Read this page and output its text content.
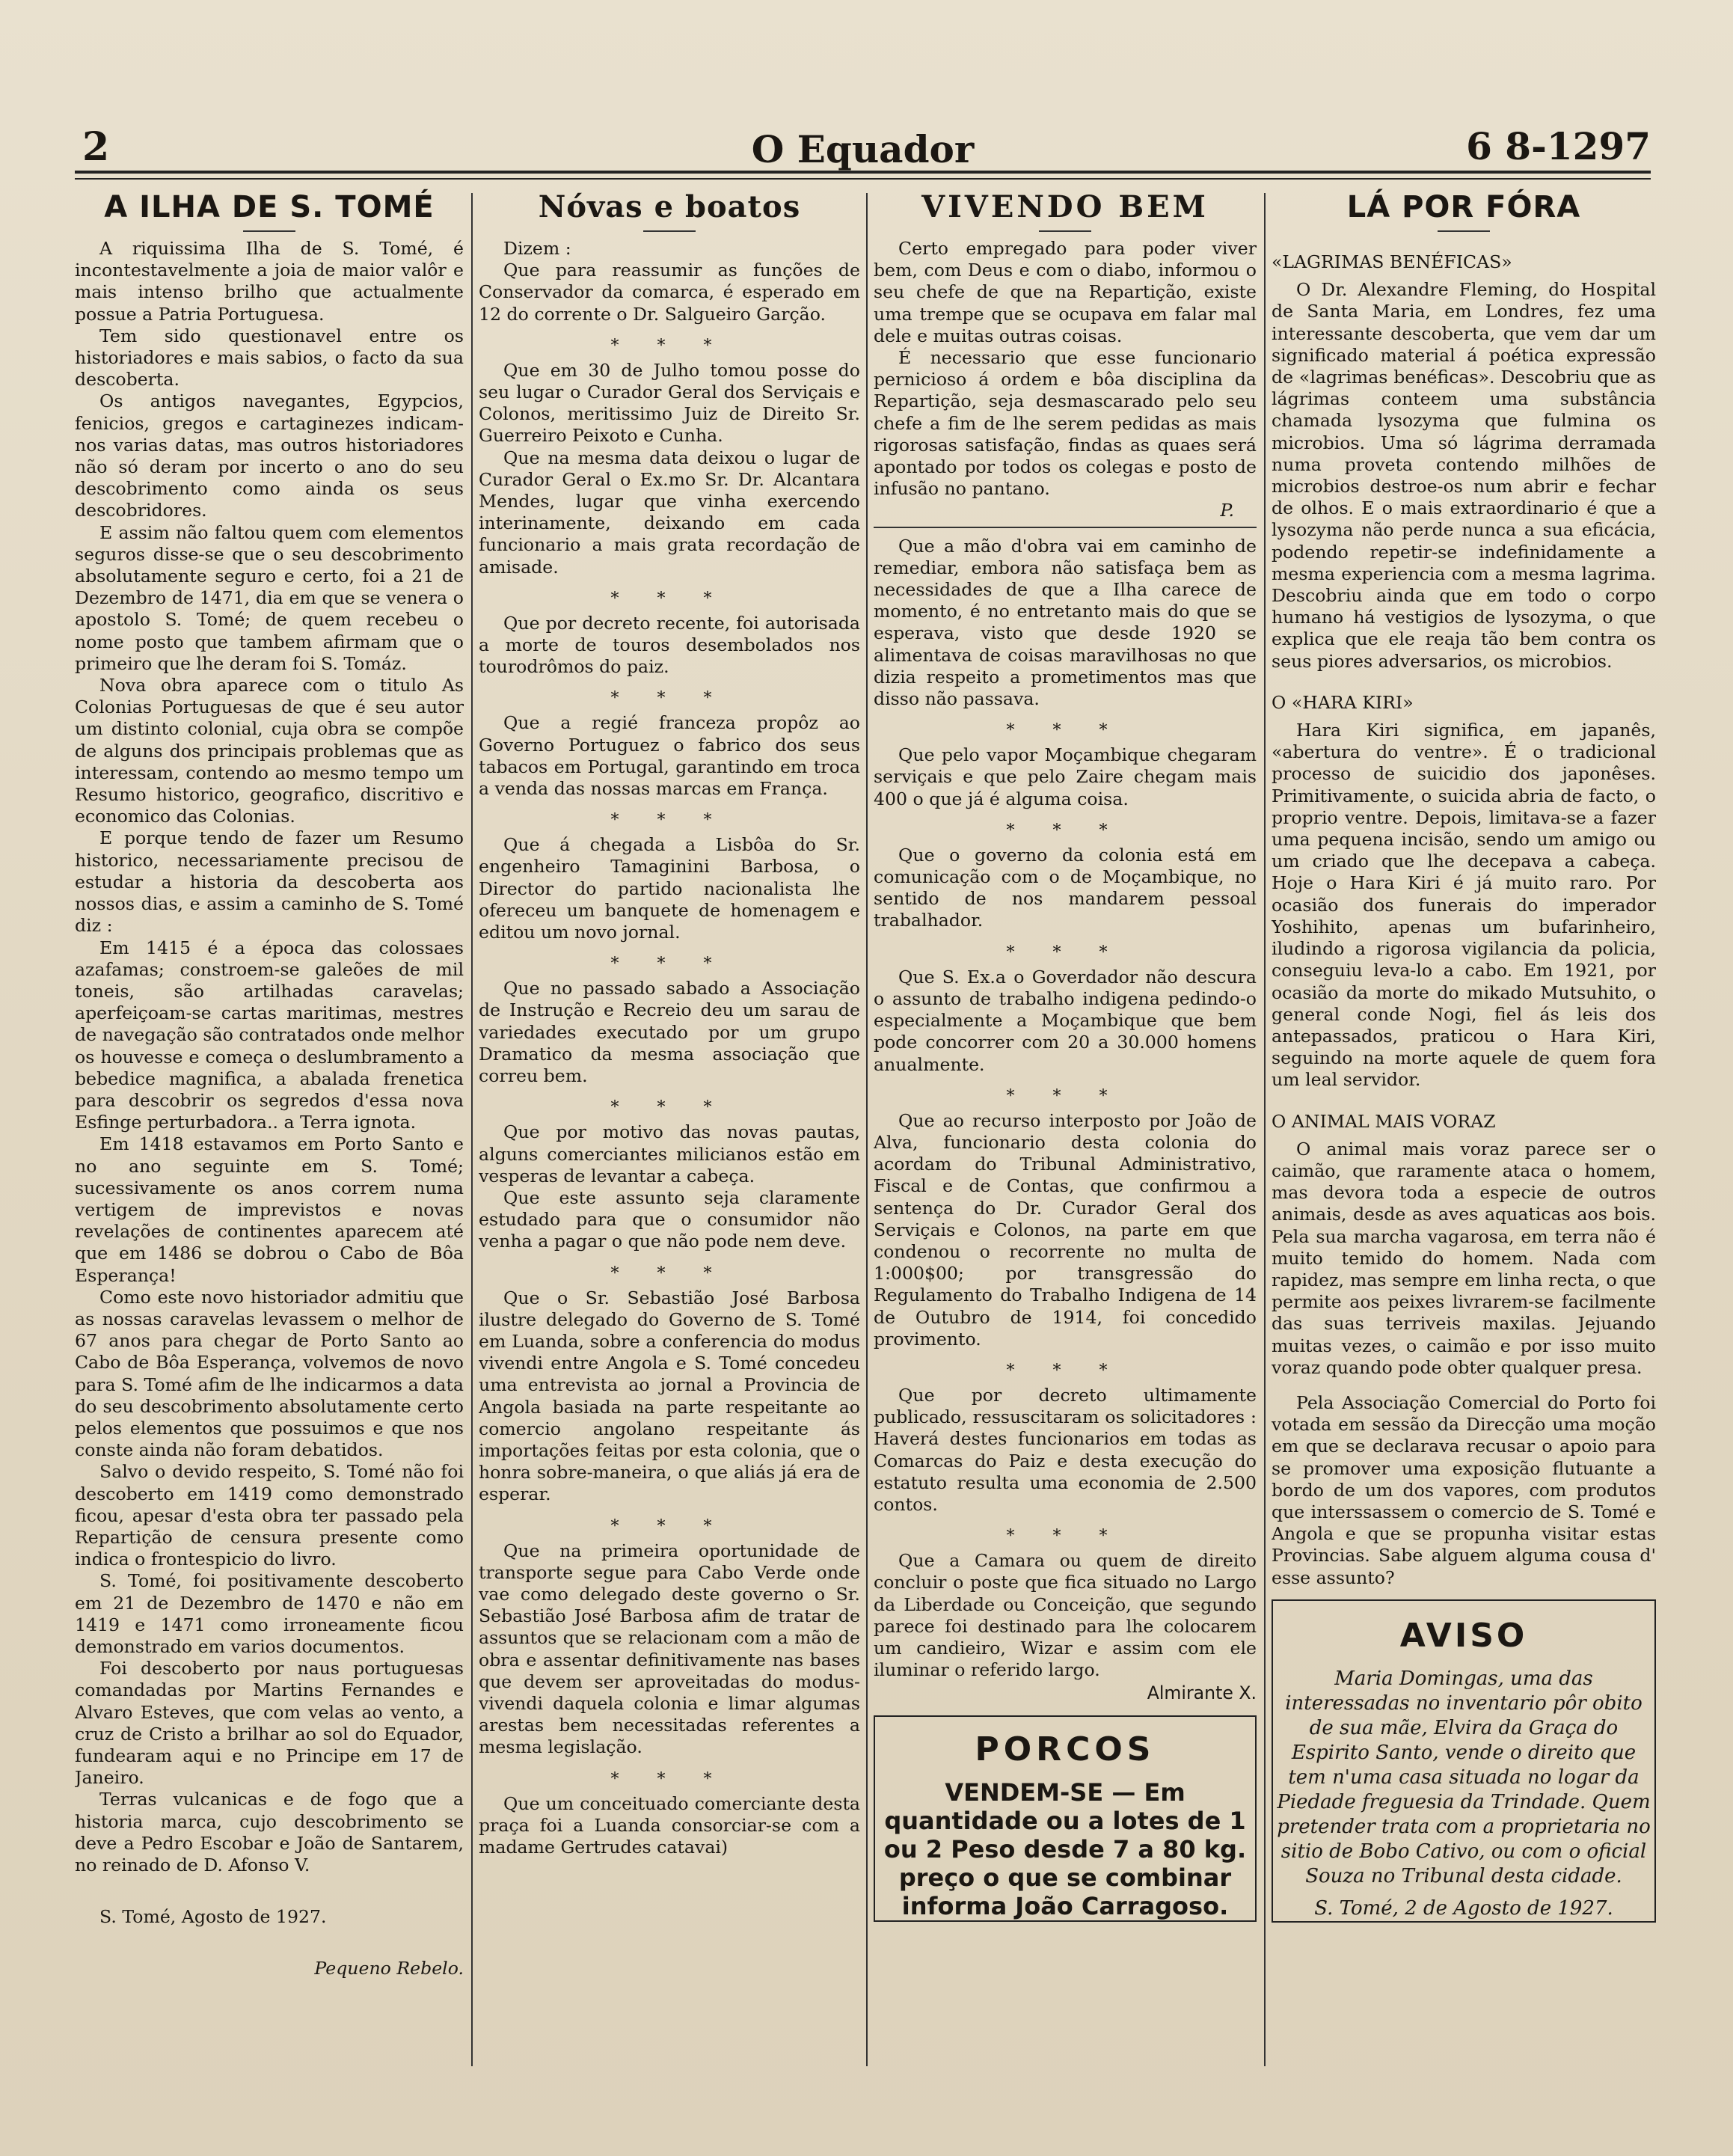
2	O Equador	6 8-1297
A ILHA DE S. TOMÉ

A riquissima Ilha de S. Tomé, é incontestavelmente a joia de maior valôr e mais intenso brilho que actualmente possue a Patria Portuguesa.

Tem sido questionavel entre os historiadores e mais sabios, o facto da sua descoberta.

Os antigos navegantes, Egypcios, fenicios, gregos e cartaginezes indicam-nos varias datas, mas outros historiadores não só deram por incerto o ano do seu descobrimento como ainda os seus descobridores.

E assim não faltou quem com elementos seguros disse-se que o seu descobrimento absolutamente seguro e certo, foi a 21 de Dezembro de 1471, dia em que se venera o apostolo S. Tomé; de quem recebeu o nome posto que tambem afirmam que o primeiro que lhe deram foi S. Tomáz.

Nova obra aparece com o titulo As Colonias Portuguesas de que é seu autor um distinto colonial, cuja obra se compõe de alguns dos principais problemas que as interessam, contendo ao mesmo tempo um Resumo historico, geografico, discritivo e economico das Colonias.

E porque tendo de fazer um Resumo historico, necessariamente precisou de estudar a historia da descoberta aos nossos dias, e assim a caminho de S. Tomé diz :

Em 1415 é a época das colossaes azafamas; constroem-se galeões de mil toneis, são artilhadas caravelas; aperfeiçoam-se cartas maritimas, mestres de navegação são contratados onde melhor os houvesse e começa o deslumbramento a bebedice magnifica, a abalada frenetica para descobrir os segredos d'essa nova Esfinge perturbadora.. a Terra ignota.

Em 1418 estavamos em Porto Santo e no ano seguinte em S. Tomé; sucessivamente os anos correm numa vertigem de imprevistos e novas revelações de continentes aparecem até que em 1486 se dobrou o Cabo de Bôa Esperança!

Como este novo historiador admitiu que as nossas caravelas levassem o melhor de 67 anos para chegar de Porto Santo ao Cabo de Bôa Esperança, volvemos de novo para S. Tomé afim de lhe indicarmos a data do seu descobrimento absolutamente certo pelos elementos que possuimos e que nos conste ainda não foram debatidos.

Salvo o devido respeito, S. Tomé não foi descoberto em 1419 como demonstrado ficou, apesar d'esta obra ter passado pela Repartição de censura presente como indica o frontespicio do livro.

S. Tomé, foi positivamente descoberto em 21 de Dezembro de 1470 e não em 1419 e 1471 como irroneamente ficou demonstrado em varios documentos.

Foi descoberto por naus portuguesas comandadas por Martins Fernandes e Alvaro Esteves, que com velas ao vento, a cruz de Cristo a brilhar ao sol do Equador, fundearam aqui e no Principe em 17 de Janeiro.

Terras vulcanicas e de fogo que a historia marca, cujo descobrimento se deve a Pedro Escobar e João de Santarem, no reinado de D. Afonso V.

S. Tomé, Agosto de 1927.

Pequeno Rebelo.
Nóvas e boatos

Dizem :

Que para reassumir as funções de Conservador da comarca, é esperado em 12 do corrente o Dr. Salgueiro Garção.

* * *

Que em 30 de Julho tomou posse do seu lugar o Curador Geral dos Serviçais e Colonos, meritissimo Juiz de Direito Sr. Guerreiro Peixoto e Cunha.

Que na mesma data deixou o lugar de Curador Geral o Ex.mo Sr. Dr. Alcantara Mendes, lugar que vinha exercendo interinamente, deixando em cada funcionario a mais grata recordação de amisade.

* * *

Que por decreto recente, foi autorisada a morte de touros desembolados nos tourodrômos do paiz.

* * *

Que a regié franceza propôz ao Governo Portuguez o fabrico dos seus tabacos em Portugal, garantindo em troca a venda das nossas marcas em França.

* * *

Que á chegada a Lisbôa do Sr. engenheiro Tamaginini Barbosa, o Director do partido nacionalista lhe ofereceu um banquete de homenagem e editou um novo jornal.

* * *

Que no passado sabado a Associação de Instrução e Recreio deu um sarau de variedades executado por um grupo Dramatico da mesma associação que correu bem.

* * *

Que por motivo das novas pautas, alguns comerciantes milicianos estão em vesperas de levantar a cabeça.

Que este assunto seja claramente estudado para que o consumidor não venha a pagar o que não pode nem deve.

* * *

Que o Sr. Sebastião José Barbosa ilustre delegado do Governo de S. Tomé em Luanda, sobre a conferencia do modus vivendi entre Angola e S. Tomé concedeu uma entrevista ao jornal a Provincia de Angola basiada na parte respeitante ao comercio angolano respeitante ás importações feitas por esta colonia, que o honra sobre-maneira, o que aliás já era de esperar.

* * *

Que na primeira oportunidade de transporte segue para Cabo Verde onde vae como delegado deste governo o Sr. Sebastião José Barbosa afim de tratar de assuntos que se relacionam com a mão de obra e assentar definitivamente nas bases que devem ser aproveitadas do modus-vivendi daquela colonia e limar algumas arestas bem necessitadas referentes a mesma legislação.

* * *

Que um conceituado comerciante desta praça foi a Luanda consorciar-se com a madame Gertrudes catavai)

VIVENDO BEM

Certo empregado para poder viver bem, com Deus e com o diabo, informou o seu chefe de que na Repartição, existe uma trempe que se ocupava em falar mal dele e muitas outras coisas.

É necessario que esse funcionario pernicioso á ordem e bôa disciplina da Repartição, seja desmascarado pelo seu chefe a fim de lhe serem pedidas as mais rigorosas satisfação, findas as quaes será apontado por todos os colegas e posto de infusão no pantano.

P.

Que a mão d'obra vai em caminho de remediar, embora não satisfaça bem as necessidades de que a Ilha carece de momento, é no entretanto mais do que se esperava, visto que desde 1920 se alimentava de coisas maravilhosas no que dizia respeito a prometimentos mas que disso não passava.

* * *

Que pelo vapor Moçambique chegaram serviçais e que pelo Zaire chegam mais 400 o que já é alguma coisa.

* * *

Que o governo da colonia está em comunicação com o de Moçambique, no sentido de nos mandarem pessoal trabalhador.

* * *

Que S. Ex.a o Goverdador não descura o assunto de trabalho indigena pedindo-o especialmente a Moçambique que bem pode concorrer com 20 a 30.000 homens anualmente.

* * *

Que ao recurso interposto por João de Alva, funcionario desta colonia do acordam do Tribunal Administrativo, Fiscal e de Contas, que confirmou a sentença do Dr. Curador Geral dos Serviçais e Colonos, na parte em que condenou o recorrente no multa de 1:000$00; por transgressão do Regulamento do Trabalho Indigena de 14 de Outubro de 1914, foi concedido provimento.

* * *

Que por decreto ultimamente publicado, ressuscitaram os solicitadores : Haverá destes funcionarios em todas as Comarcas do Paiz e desta execução do estatuto resulta uma economia de 2.500 contos.

* * *

Que a Camara ou quem de direito concluir o poste que fica situado no Largo da Liberdade ou Conceição, que segundo parece foi destinado para lhe colocarem um candieiro, Wizar e assim com ele iluminar o referido largo.

Almirante X.
PORCOS
VENDEM-SE — Em quantidade ou a lotes de 1 ou 2 Peso desde 7 a 80 kg. preço o que se combinar informa João Carragoso.
LÁ POR FÓRA

«LAGRIMAS BENÉFICAS»

O Dr. Alexandre Fleming, do Hospital de Santa Maria, em Londres, fez uma interessante descoberta, que vem dar um significado material á poética expressão de «lagrimas benéficas». Descobriu que as lágrimas conteem uma substância chamada lysozyma que fulmina os microbios. Uma só lágrima derramada numa proveta contendo milhões de microbios destroe-os num abrir e fechar de olhos. E o mais extraordinario é que a lysozyma não perde nunca a sua eficácia, podendo repetir-se indefinidamente a mesma experiencia com a mesma lagrima. Descobriu ainda que em todo o corpo humano há vestigios de lysozyma, o que explica que ele reaja tão bem contra os seus piores adversarios, os microbios.

O «HARA KIRI»

Hara Kiri significa, em japanês, «abertura do ventre». É o tradicional processo de suicidio dos japonêses. Primitivamente, o suicida abria de facto, o proprio ventre. Depois, limitava-se a fazer uma pequena incisão, sendo um amigo ou um criado que lhe decepava a cabeça. Hoje o Hara Kiri é já muito raro. Por ocasião dos funerais do imperador Yoshihito, apenas um bufarinheiro, iludindo a rigorosa vigilancia da policia, conseguiu leva-lo a cabo. Em 1921, por ocasião da morte do mikado Mutsuhito, o general conde Nogi, fiel ás leis dos antepassados, praticou o Hara Kiri, seguindo na morte aquele de quem fora um leal servidor.

O ANIMAL MAIS VORAZ

O animal mais voraz parece ser o caimão, que raramente ataca o homem, mas devora toda a especie de outros animais, desde as aves aquaticas aos bois. Pela sua marcha vagarosa, em terra não é muito temido do homem. Nada com rapidez, mas sempre em linha recta, o que permite aos peixes livrarem-se facilmente das suas terriveis maxilas. Jejuando muitas vezes, o caimão e por isso muito voraz quando pode obter qualquer presa.

Pela Associação Comercial do Porto foi votada em sessão da Direcção uma moção em que se declarava recusar o apoio para se promover uma exposição flutuante a bordo de um dos vapores, com produtos que interssassem o comercio de S. Tomé e Angola e que se propunha visitar estas Provincias. Sabe alguem alguma cousa d' esse assunto?

AVISO

Maria Domingas, uma das interessadas no inventario pôr obito de sua mãe, Elvira da Graça do Espirito Santo, vende o direito que tem n'uma casa situada no logar da Piedade freguesia da Trindade. Quem pretender trata com a proprietaria no sitio de Bobo Cativo, ou com o oficial Souza no Tribunal desta cidade.

S. Tomé, 2 de Agosto de 1927.
